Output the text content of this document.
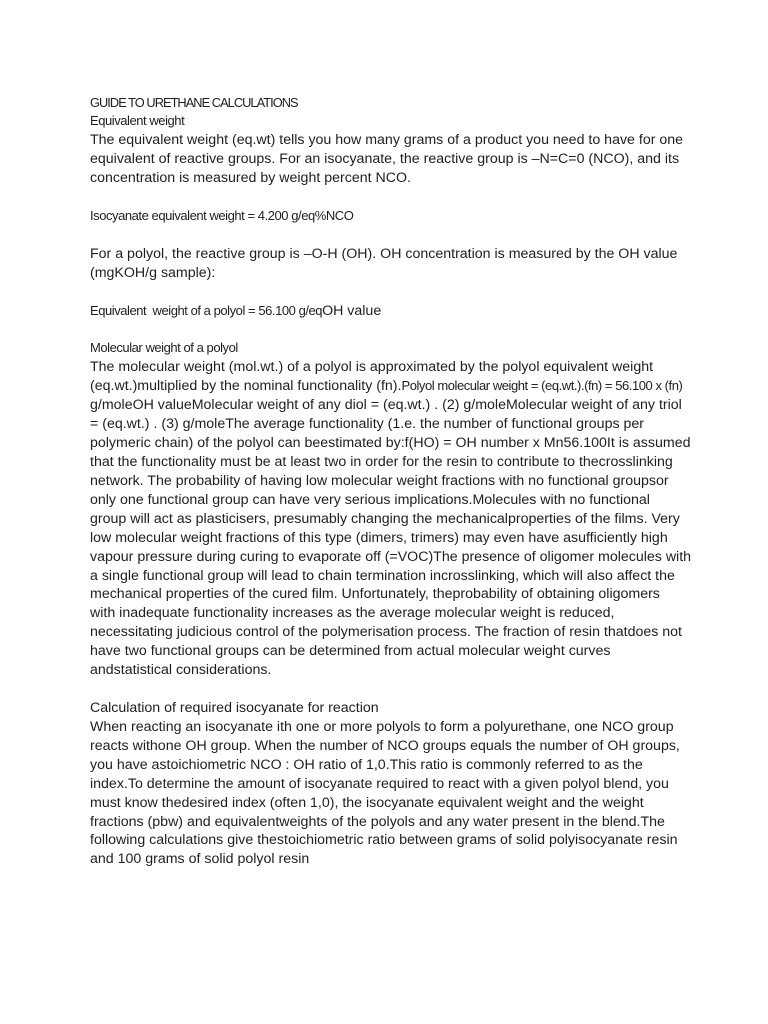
GUIDE TO URETHANE CALCULATIONS
Equivalent weight
The equivalent weight (eq.wt) tells you how many grams of a product you need to have for one
equivalent of reactive groups. For an isocyanate, the reactive group is –N=C=0 (NCO), and its
concentration is measured by weight percent NCO.
Isocyanate equivalent weight = 4.200 g/eq%NCO
For a polyol, the reactive group is –O-H (OH). OH concentration is measured by the OH value
(mgKOH/g sample):
Equivalent  weight of a polyol = 56.100 g/eqOH value
Molecular weight of a polyol
The molecular weight (mol.wt.) of a polyol is approximated by the polyol equivalent weight
(eq.wt.)multiplied by the nominal functionality (fn).Polyol molecular weight = (eq.wt.).(fn) = 56.100 x (fn)
g/moleOH valueMolecular weight of any diol = (eq.wt.) . (2) g/moleMolecular weight of any triol
= (eq.wt.) . (3) g/moleThe average functionality (1.e. the number of functional groups per
polymeric chain) of the polyol can beestimated by:f(HO) = OH number x Mn56.100It is assumed
that the functionality must be at least two in order for the resin to contribute to thecrosslinking
network. The probability of having low molecular weight fractions with no functional groupsor
only one functional group can have very serious implications.Molecules with no functional
group will act as plasticisers, presumably changing the mechanicalproperties of the films. Very
low molecular weight fractions of this type (dimers, trimers) may even have asufficiently high
vapour pressure during curing to evaporate off (=VOC)The presence of oligomer molecules with
a single functional group will lead to chain termination incrosslinking, which will also affect the
mechanical properties of the cured film. Unfortunately, theprobability of obtaining oligomers
with inadequate functionality increases as the average molecular weight is reduced,
necessitating judicious control of the polymerisation process. The fraction of resin thatdoes not
have two functional groups can be determined from actual molecular weight curves
andstatistical considerations.
Calculation of required isocyanate for reaction
When reacting an isocyanate ith one or more polyols to form a polyurethane, one NCO group
reacts withone OH group. When the number of NCO groups equals the number of OH groups,
you have astoichiometric NCO : OH ratio of 1,0.This ratio is commonly referred to as the
index.To determine the amount of isocyanate required to react with a given polyol blend, you
must know thedesired index (often 1,0), the isocyanate equivalent weight and the weight
fractions (pbw) and equivalentweights of the polyols and any water present in the blend.The
following calculations give thestoichiometric ratio between grams of solid polyisocyanate resin
and 100 grams of solid polyol resin
